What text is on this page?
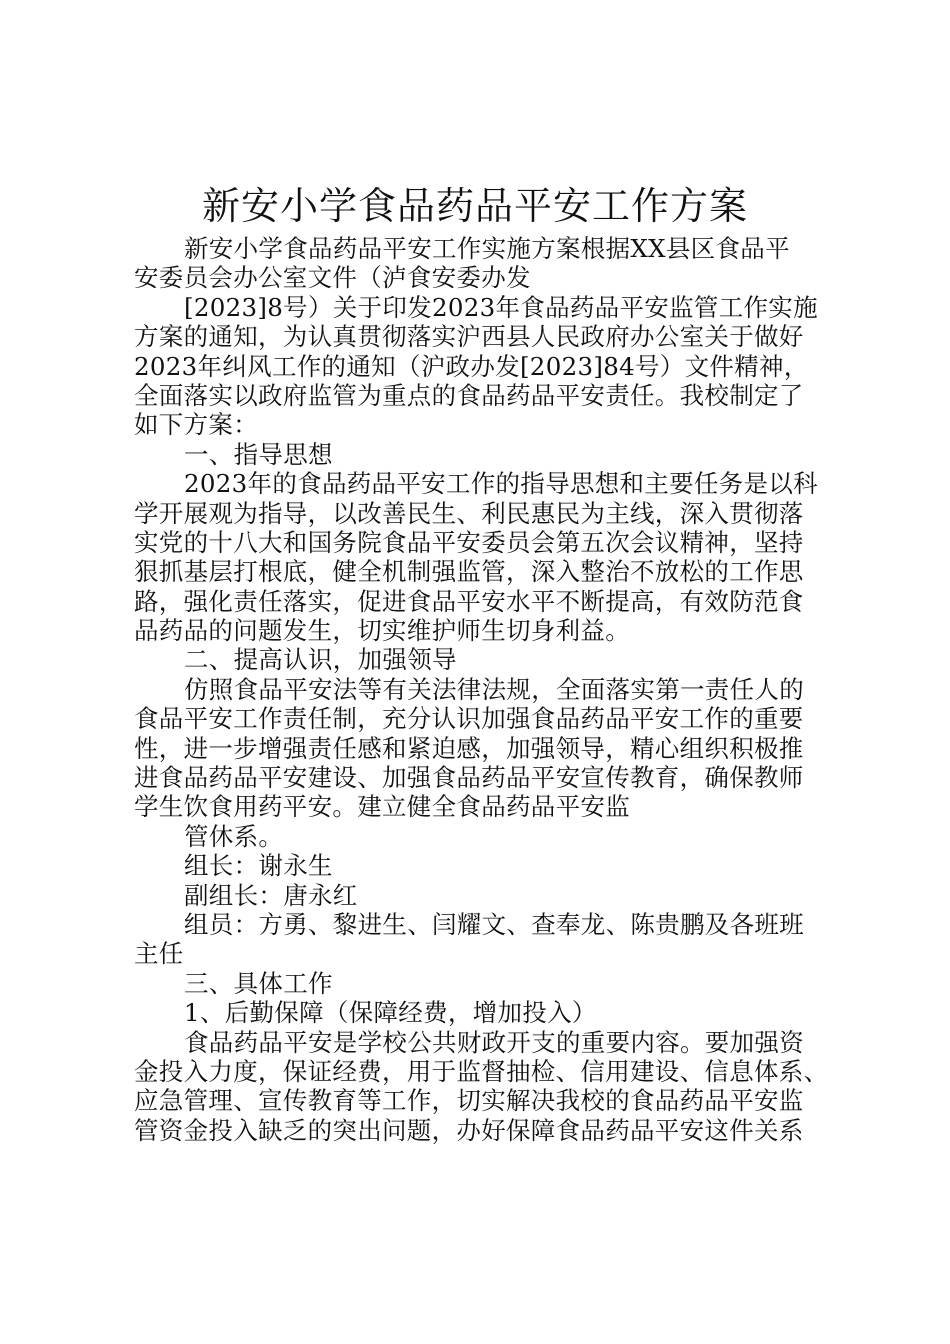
新安小学食品药品平安工作方案
新安小学食品药品平安工作实施方案根据XX县区食品平
安委员会办公室文件（泸食安委办发
[2023]8号）关于印发2023年食品药品平安监管工作实施
方案的通知，为认真贯彻落实沪西县人民政府办公室关于做好
2023年纠风工作的通知（沪政办发[2023]84号）文件精神，
全面落实以政府监管为重点的食品药品平安责任。我校制定了
如下方案：
一、指导思想
2023年的食品药品平安工作的指导思想和主要任务是以科
学开展观为指导，以改善民生、利民惠民为主线，深入贯彻落
实党的十八大和国务院食品平安委员会第五次会议精神，坚持
狠抓基层打根底，健全机制强监管，深入整治不放松的工作思
路，强化责任落实，促进食品平安水平不断提高，有效防范食
品药品的问题发生，切实维护师生切身利益。
二、提高认识，加强领导
仿照食品平安法等有关法律法规，全面落实第一责任人的
食品平安工作责任制，充分认识加强食品药品平安工作的重要
性，进一步增强责任感和紧迫感，加强领导，精心组织积极推
进食品药品平安建设、加强食品药品平安宣传教育，确保教师
学生饮食用药平安。建立健全食品药品平安监
管休系。
组长：谢永生
副组长：唐永红
组员：方勇、黎进生、闫耀文、查奉龙、陈贵鹏及各班班
主任
三、具体工作
1、后勤保障（保障经费，增加投入）
食品药品平安是学校公共财政开支的重要内容。要加强资
金投入力度，保证经费，用于监督抽检、信用建设、信息体系、
应急管理、宣传教育等工作，切实解决我校的食品药品平安监
管资金投入缺乏的突出问题，办好保障食品药品平安这件关系
